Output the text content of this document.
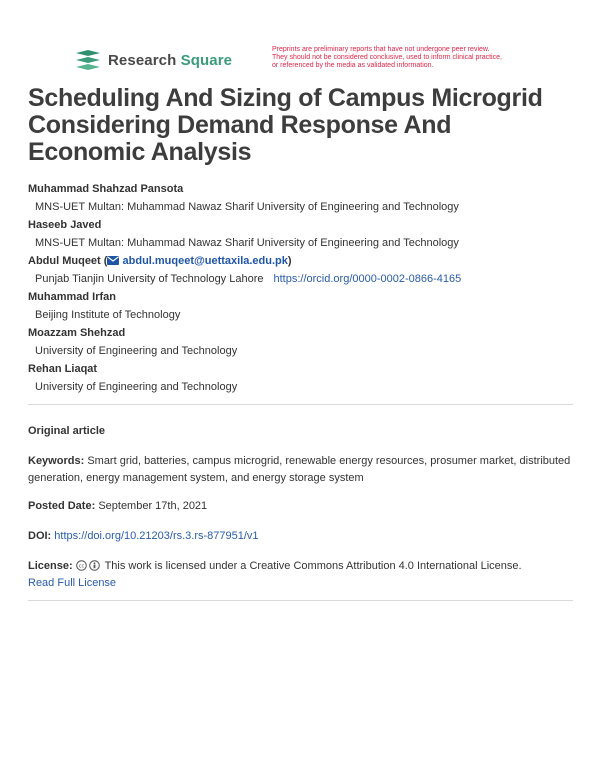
Research Square
Preprints are preliminary reports that have not undergone peer review.
They should not be considered conclusive, used to inform clinical practice,
or referenced by the media as validated information.
Scheduling And Sizing of Campus Microgrid Considering Demand Response And Economic Analysis
Muhammad Shahzad Pansota
MNS-UET Multan: Muhammad Nawaz Sharif University of Engineering and Technology
Haseeb Javed
MNS-UET Multan: Muhammad Nawaz Sharif University of Engineering and Technology
Abdul Muqeet ( abdul.muqeet@uettaxila.edu.pk)
Punjab Tianjin University of Technology Lahore https://orcid.org/0000-0002-0866-4165
Muhammad Irfan
Beijing Institute of Technology
Moazzam Shehzad
University of Engineering and Technology
Rehan Liaqat
University of Engineering and Technology
Original article
Keywords: Smart grid, batteries, campus microgrid, renewable energy resources, prosumer market, distributed generation, energy management system, and energy storage system
Posted Date: September 17th, 2021
DOI: https://doi.org/10.21203/rs.3.rs-877951/v1
License: cc This work is licensed under a Creative Commons Attribution 4.0 International License.
Read Full License
